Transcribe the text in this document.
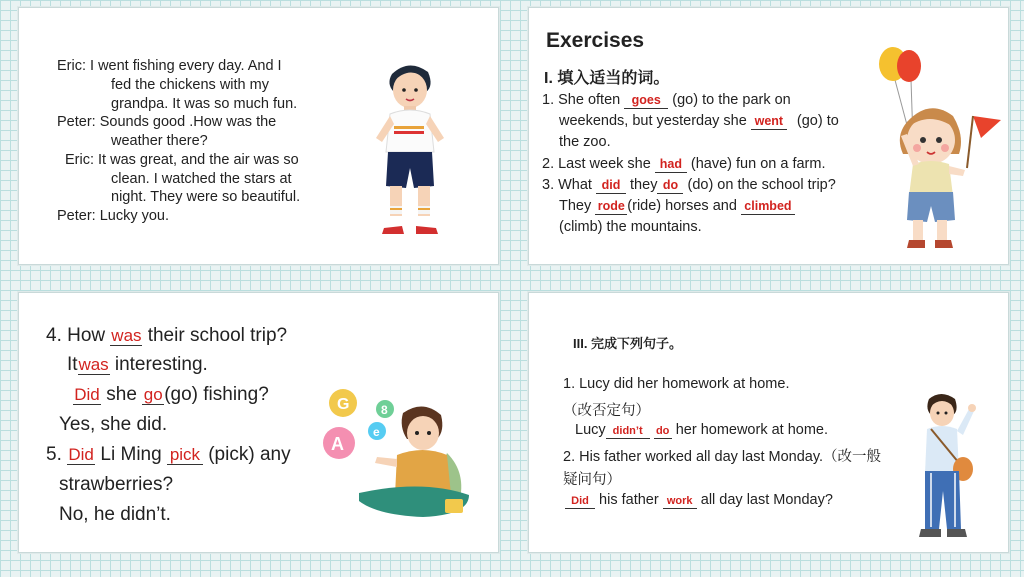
Eric: I went fishing every day. And I
fed the chickens with my
grandpa. It was so much fun.
Peter: Sounds good .How was the
weather there?
Eric: It was great, and the air was so
clean. I watched the stars at
night. They were so beautiful.
Peter: Lucky you.
Exercises
I. 填入适当的词。
1. She often goes (go) to the park on
weekends, but yesterday she went (go) to
the zoo.
2. Last week she had (have) fun on a farm.
3. What did they do (do) on the school trip?
They rode (ride) horses and climbed
(climb) the mountains.
4. How was their school trip?
Itwas interesting.
Did she go(go) fishing?
Yes, she did.
5. Did Li Ming pick (pick) any
strawberries?
No, he didn’t.
G	8
e
A
III. 完成下列句子。
1. Lucy did her homework at home.
（改否定句）
Lucy didn’t do her homework at home.
2. His father worked all day last Monday.（改一般
疑问句）
Did his father work all day last Monday?
